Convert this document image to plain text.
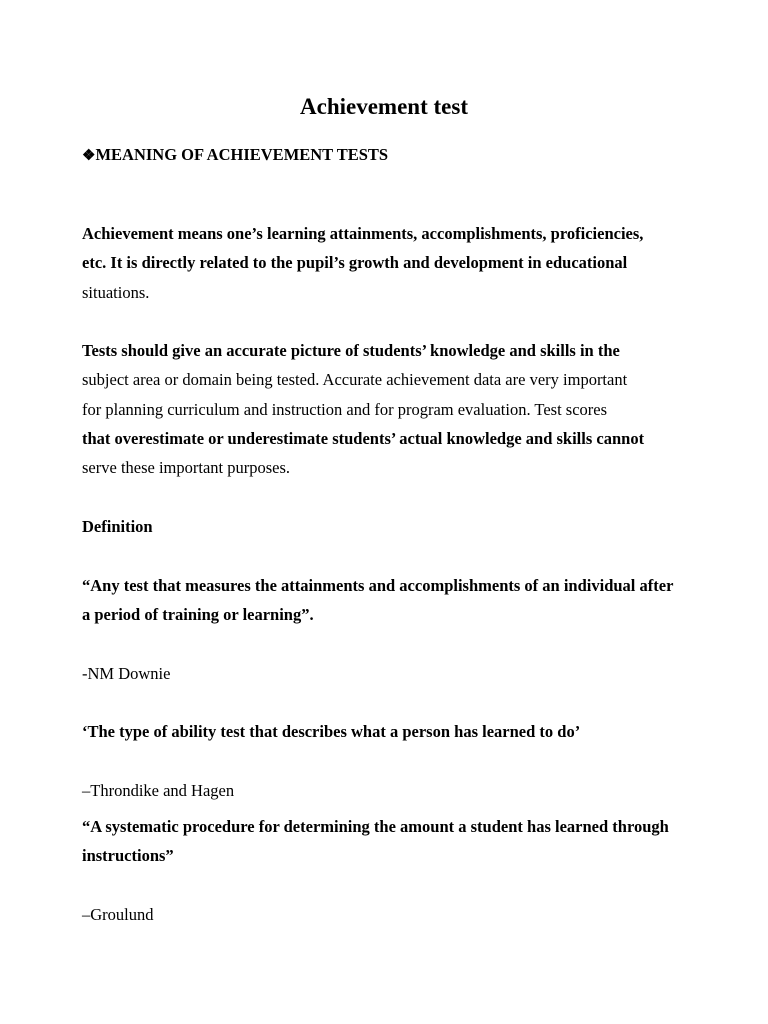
Achievement test
❖MEANING OF ACHIEVEMENT TESTS

Achievement means one’s learning attainments, accomplishments, proficiencies,
etc. It is directly related to the pupil’s growth and development in educational
situations.

Tests should give an accurate picture of students’ knowledge and skills in the
subject area or domain being tested. Accurate achievement data are very important
for planning curriculum and instruction and for program evaluation. Test scores
that overestimate or underestimate students’ actual knowledge and skills cannot
serve these important purposes.

Definition

“Any test that measures the attainments and accomplishments of an individual after
a period of training or learning”.

-NM Downie
‘The type of ability test that describes what a person has learned to do’
–Throndike and Hagen

“A systematic procedure for determining the amount a student has learned through
instructions”

–Groulund
